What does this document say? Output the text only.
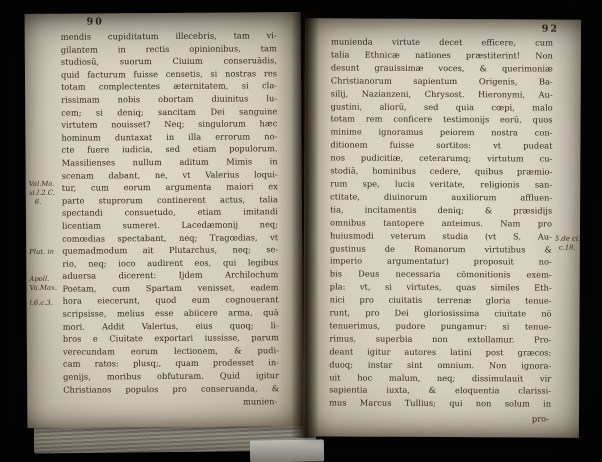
90
Val.Ma.
xi.l.2.C.
6.
Plut. in
Apoll.
Va.Max.
l.6.c.3.
mendis cupiditatum illecebris, tam vi-
gilantem in rectis opinionibus, tam
studiosū, suorum Ciuium conseruādis,
quid facturum fuisse censetis, si nostras res
totam complectentes æternitatem, si cla-
rissimam nobis obortam diuinitus lu-
cem; si deniq; sancitam Dei sanguine
virtutem nouisset? Neq; singulorum hæc
hominum duntaxat in illa errorum no-
cte fuere iudicia, sed etiam populorum.
Massilienses nullum aditum Mimis in
scenam dabant, ne, vt Valerius loqui-
tur, cum eorum argumenta maiori ex
parte stuprorum continerent actus, talia
spectandi consuetudo, etiam imitandi
licentiam sumeret. Lacedæmonij neq;
comœdias spectabant, neq; Tragœdias, vt
quemadmodum ait Plutarchus, neq; se-
rio, neq; ioco audirent eos, qui legibus
aduersa dicerent: Ijdem Archilochum
Poetam, cum Spartam venisset, eadem
hora eiecerunt, quod eum cognouerant
scripsisse, melius esse abiicere arma, quā
mori. Addit Valerius, eius quoq; li-
bros e Ciuitate exportari iussisse, parum
verecundam eorum lectionem, & pudi-
cam ratos: plusq;, quam prodesset in-
genijs, moribus obfuturam. Quid igitur
Christianos populos pro conseruanda, &
munien-
92
5.de ci.
c.18.
munienda virtute decet efficere, cum
talia Ethnicæ nationes præstiterint! Non
desunt grauissimæ voces, & querimoniæ
Christianorum sapientum Origenis, Ba-
silij, Nazianzeni, Chrysost. Hieronymi, Au-
gustini, aliorū, sed quia cœpi, malo
totam rem conficere testimonijs eorū, quos
minime ignoramus peiorem nostra con-
ditionem fuisse sortitos: vt pudeat
nos pudicitiæ, ceterarumq; virtutum cu-
stodiā, hominibus cedere, quibus præmio-
rum spe, lucis veritate, religionis san-
ctitate, diuinorum auxiliorum affluen-
tia, incitamentis deniq; & præsidijs
omnibus tantopere anteimus. Nam pro
huiusmodi veterum studia (vt S. Au-
gustinus de Romanorum virtutibus &
imperio argumentatur) proposuit no-
bis Deus necessaria cōmonitionis exem-
pla: vt, si virtutes, quas similes Eth-
nici pro ciuitatis terrenæ gloria tenue-
runt, pro Dei gloriosissima ciuitate nō
tenuerimus, pudore pungamur: si tenue-
rimus, superbia non extollamur. Pro-
deant igitur autores latini post græcos:
duoq; instar sint omnium. Non ignora-
uit hoc malum, neq; dissimulauit vir
sapientia iuxta, & eloquentia clarissi-
mus Marcus Tullius; qui non solum in
pro-
